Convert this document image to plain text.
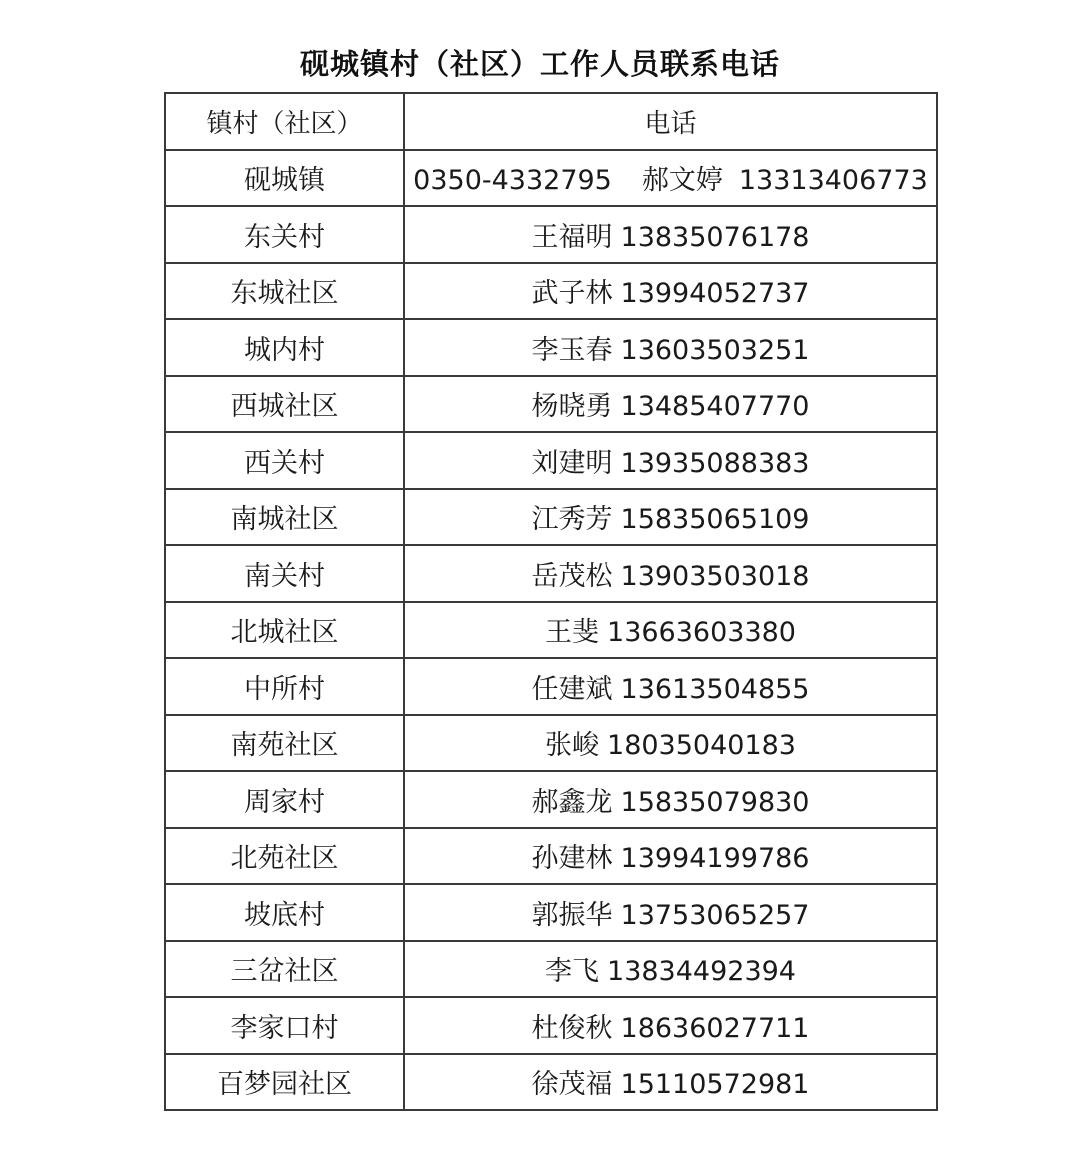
砚城镇村（社区）工作人员联系电话
镇村（社区）	电话
砚城镇	0350-4332795 郝文婷 13313406773
东关村	王福明 13835076178
东城社区	武子林 13994052737
城内村	李玉春 13603503251
西城社区	杨晓勇 13485407770
西关村	刘建明 13935088383
南城社区	江秀芳 15835065109
南关村	岳茂松 13903503018
北城社区	王斐 13663603380
中所村	任建斌 13613504855
南苑社区	张峻 18035040183
周家村	郝鑫龙 15835079830
北苑社区	孙建林 13994199786
坡底村	郭振华 13753065257
三岔社区	李飞 13834492394
李家口村	杜俊秋 18636027711
百梦园社区	徐茂福 15110572981
